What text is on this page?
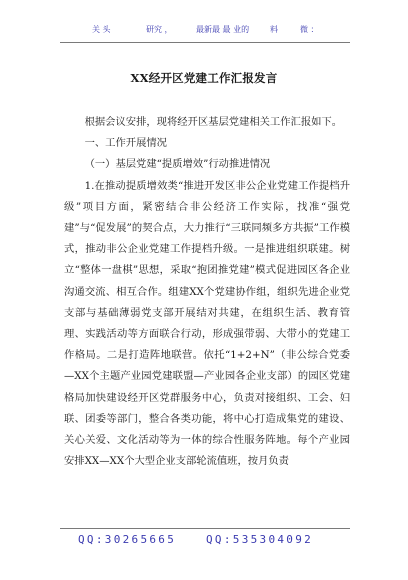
关 头	研究 ，	最新最 最 业的	料	微 ：
XX经开区党建工作汇报发言

根据会议安排，现将经开区基层党建相关工作汇报如下。

一、工作开展情况

（一）基层党建“提质增效”行动推进情况

1.在推动提质增效类“推进开发区非公企业党建工作提档升级”项目方面，紧密结合非公经济工作实际，找准“强党建”与“促发展”的契合点，大力推行“三联同频多方共振”工作模式，推动非公企业党建工作提档升级。一是推进组织联建。树立“整体一盘棋”思想，采取“抱团推党建”模式促进园区各企业沟通交流、相互合作。组建XX个党建协作组，组织先进企业党支部与基础薄弱党支部开展结对共建，在组织生活、教育管理、实践活动等方面联合行动，形成强带弱、大带小的党建工作格局。二是打造阵地联营。依托“1+2+N”（非公综合党委—XX个主题产业园党建联盟—产业园各企业支部）的园区党建格局加快建设经开区党群服务中心，负责对接组织、工会、妇联、团委等部门，整合各类功能，将中心打造成集党的建设、关心关爱、文化活动等为一体的综合性服务阵地。每个产业园安排XX—XX个大型企业支部轮流值班，按月负责

QQ:30265665	QQ:535304092
